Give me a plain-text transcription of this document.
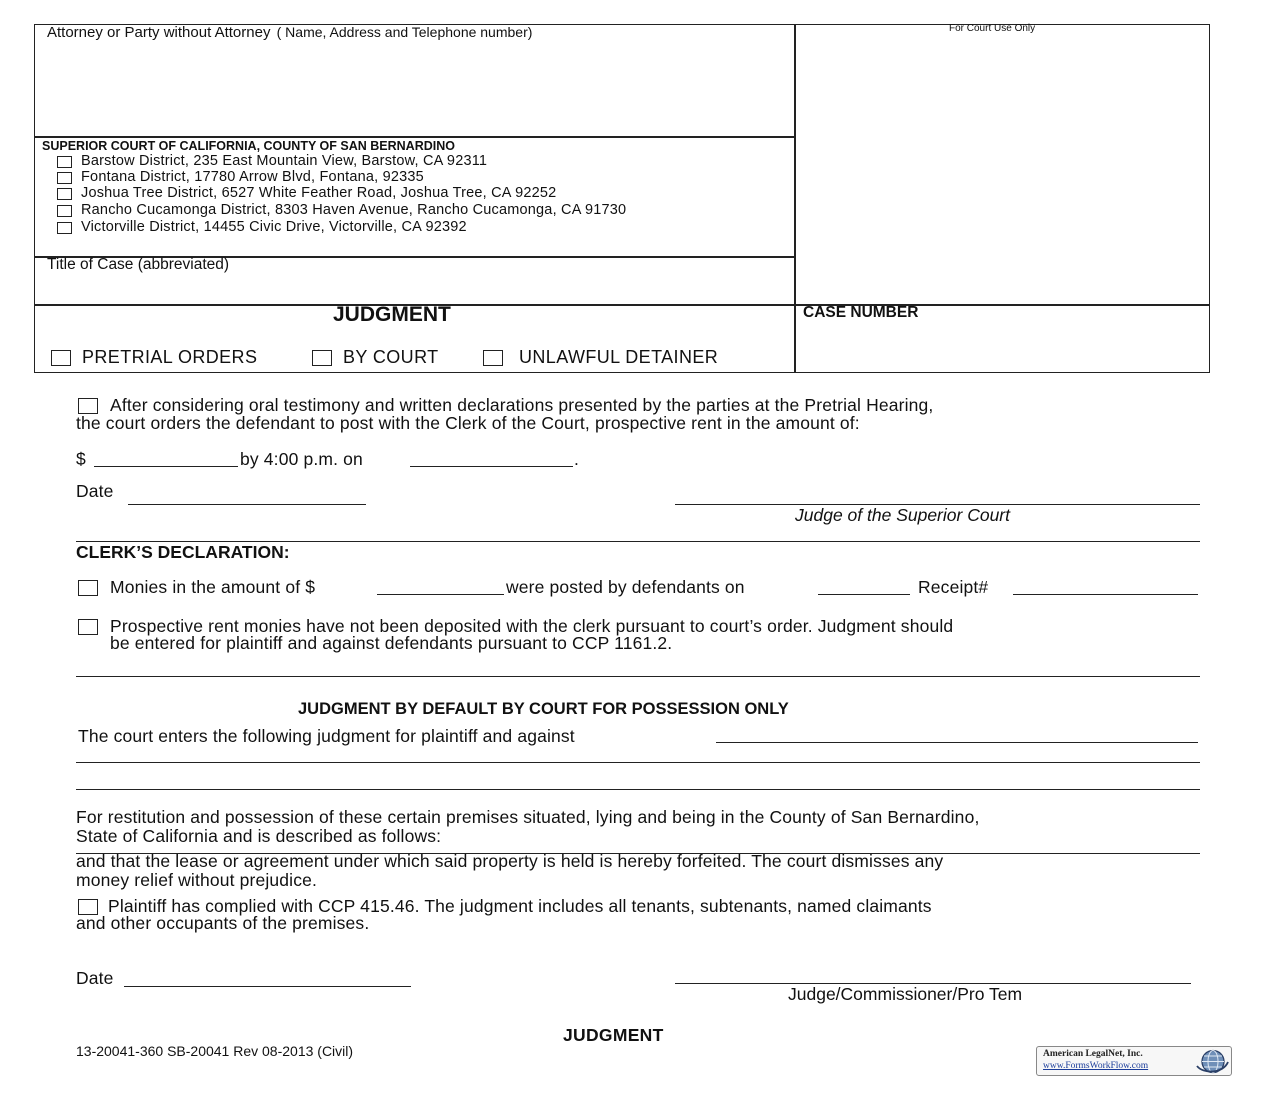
Attorney or Party without Attorney ( Name, Address and Telephone number)	For Court Use Only
SUPERIOR COURT OF CALIFORNIA, COUNTY OF SAN BERNARDINO
Barstow District, 235 East Mountain View, Barstow, CA 92311
Fontana District, 17780 Arrow Blvd, Fontana, 92335
Joshua Tree District, 6527 White Feather Road, Joshua Tree, CA 92252
Rancho Cucamonga District, 8303 Haven Avenue, Rancho Cucamonga, CA 91730
Victorville District, 14455 Civic Drive, Victorville, CA 92392
Title of Case (abbreviated)
JUDGMENT	CASE NUMBER
PRETRIAL ORDERS	BY COURT	UNLAWFUL DETAINER
After considering oral testimony and written declarations presented by the parties at the Pretrial Hearing,
the court orders the defendant to post with the Clerk of the Court, prospective rent in the amount of:
$	by 4:00 p.m. on	.
Date
Judge of the Superior Court
CLERK’S DECLARATION:
Monies in the amount of $	were posted by defendants on	Receipt#
Prospective rent monies have not been deposited with the clerk pursuant to court’s order. Judgment should
be entered for plaintiff and against defendants pursuant to CCP 1161.2.
JUDGMENT BY DEFAULT BY COURT FOR POSSESSION ONLY
The court enters the following judgment for plaintiff and against
For restitution and possession of these certain premises situated, lying and being in the County of San Bernardino,
State of California and is described as follows:
and that the lease or agreement under which said property is held is hereby forfeited. The court dismisses any
money relief without prejudice.
Plaintiff has complied with CCP 415.46. The judgment includes all tenants, subtenants, named claimants
and other occupants of the premises.
Date
Judge/Commissioner/Pro Tem
JUDGMENT
13-20041-360 SB-20041 Rev 08-2013 (Civil)	American LegalNet, Inc.
www.FormsWorkFlow.com
